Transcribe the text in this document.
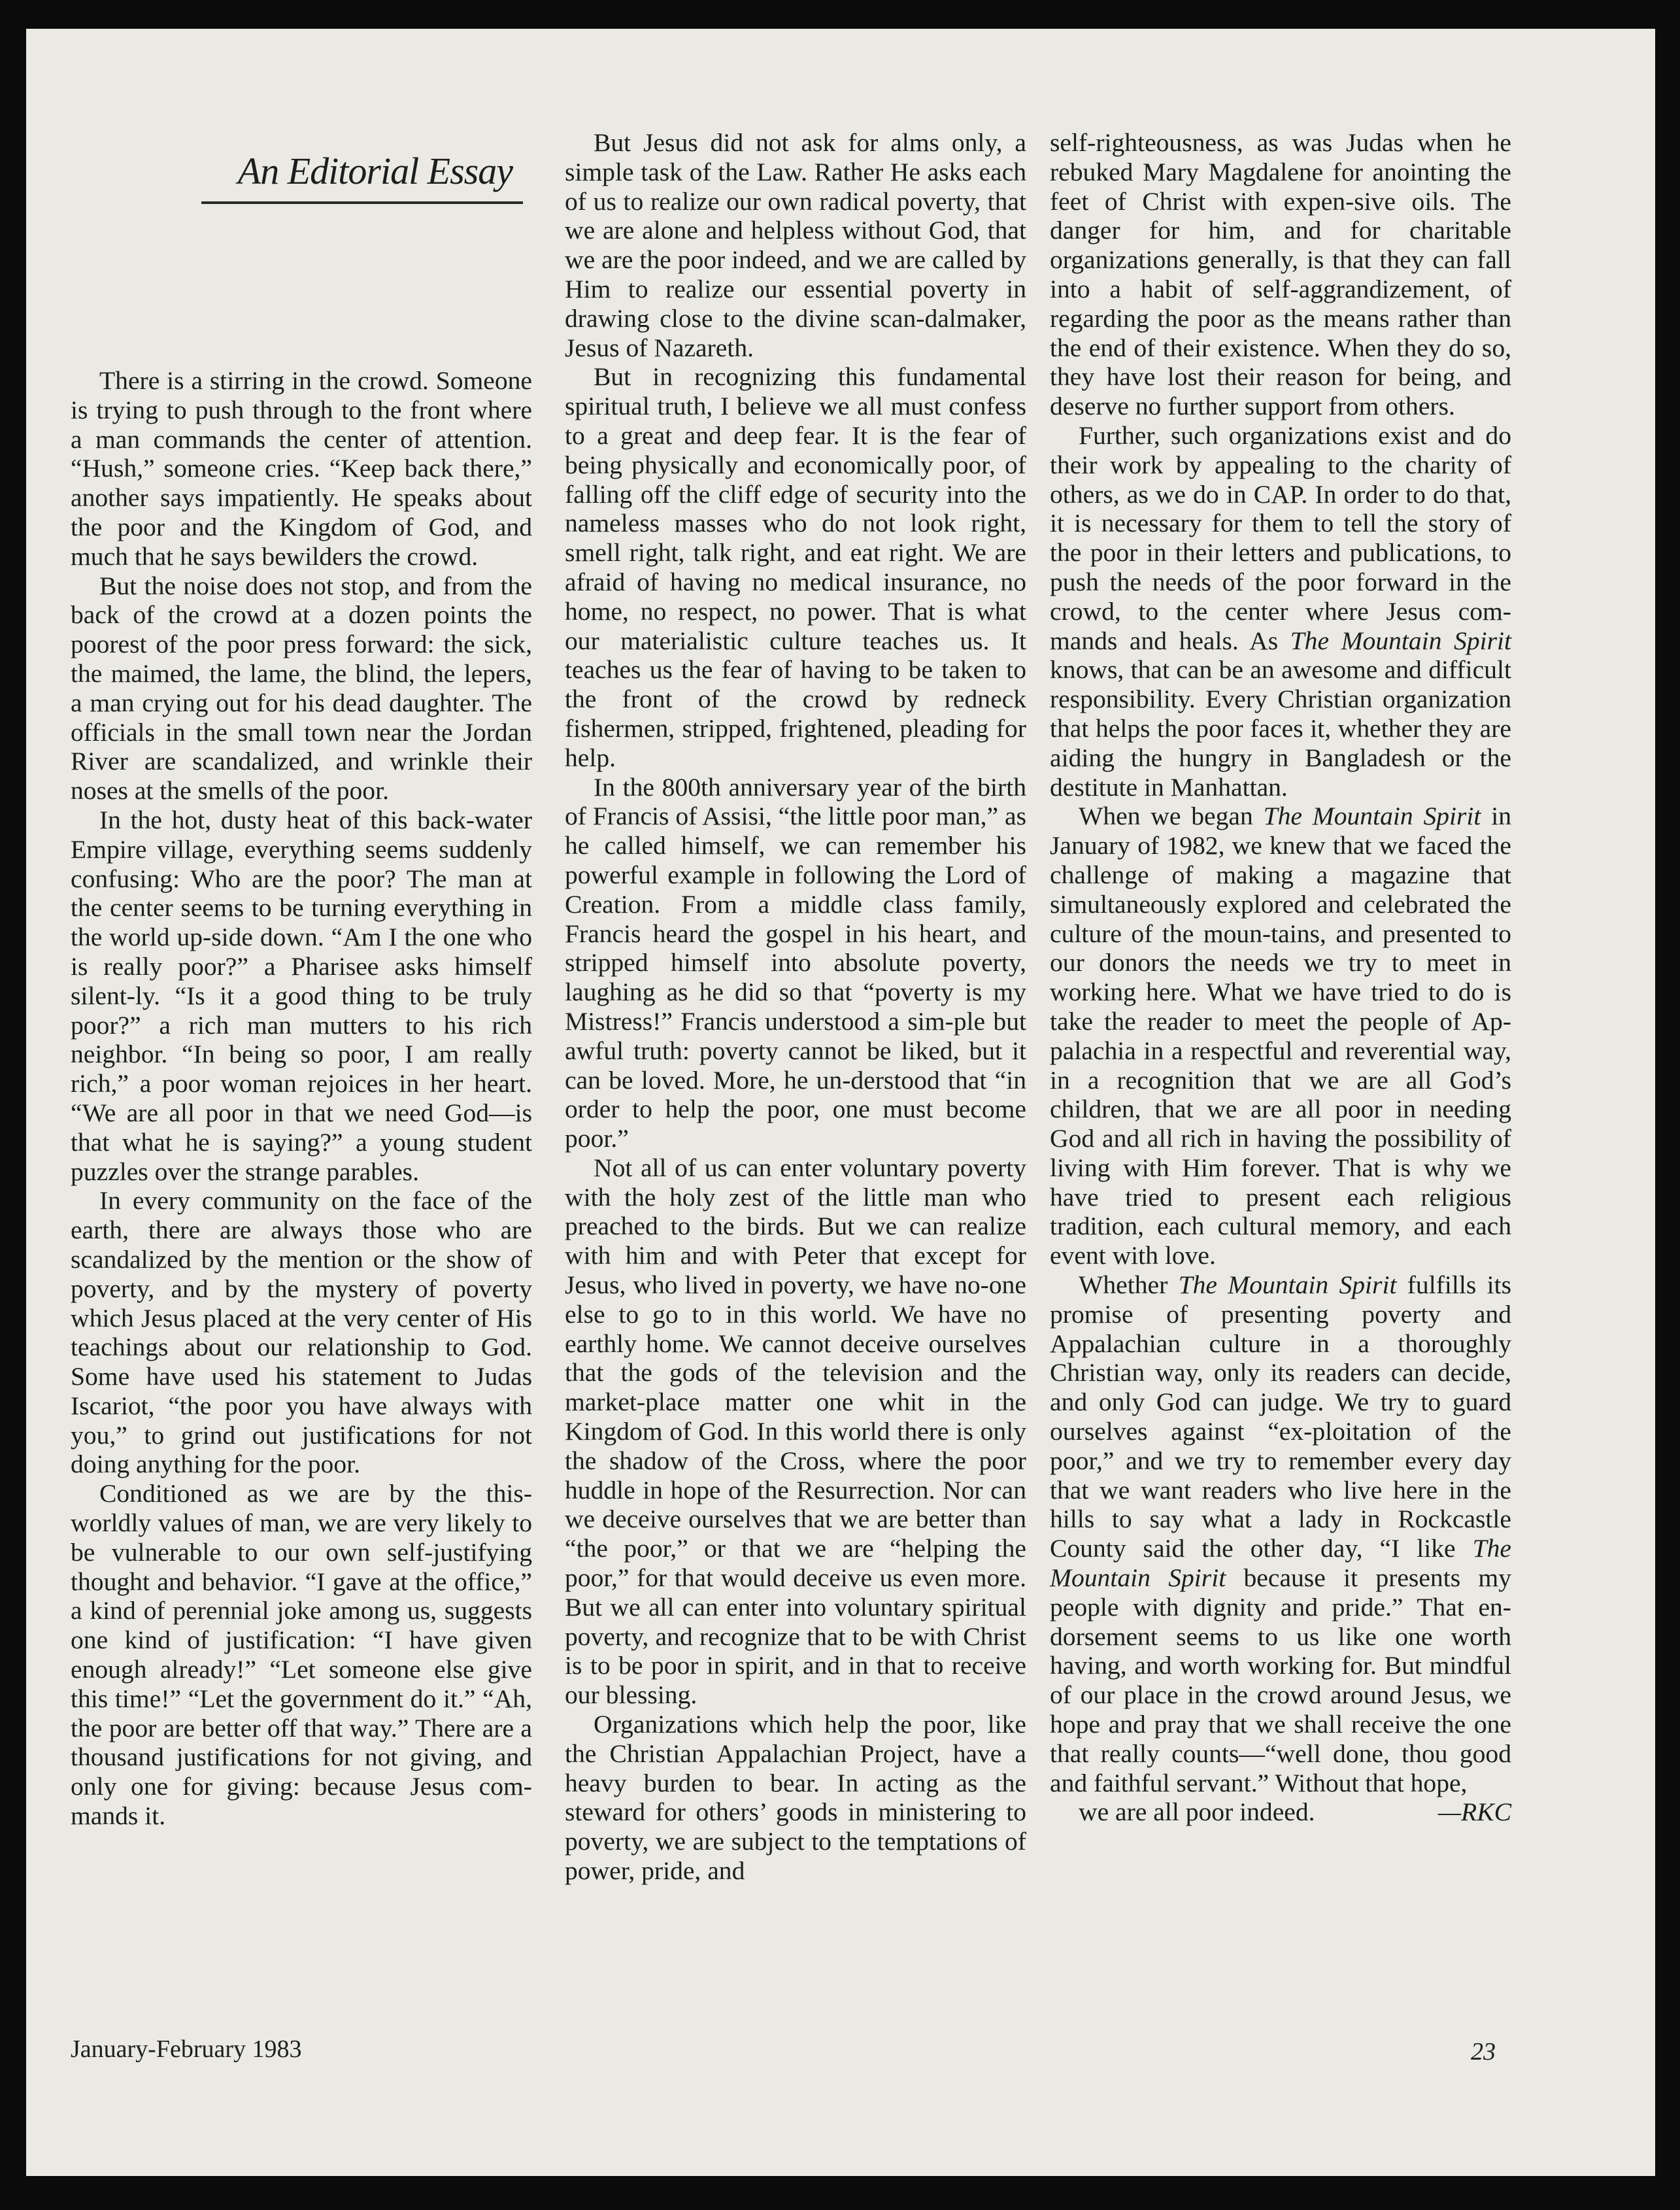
An Editorial Essay

There is a stirring in the crowd. Someone is trying to push through to the front where a man commands the center of attention. “Hush,” someone cries. “Keep back there,” another says impatiently. He speaks about the poor and the Kingdom of God, and much that he says bewilders the crowd.

But the noise does not stop, and from the back of the crowd at a dozen points the poorest of the poor press forward: the sick, the maimed, the lame, the blind, the lepers, a man crying out for his dead daughter. The officials in the small town near the Jordan River are scandalized, and wrinkle their noses at the smells of the poor.

In the hot, dusty heat of this back-water Empire village, everything seems suddenly confusing: Who are the poor? The man at the center seems to be turning everything in the world up-side down. “Am I the one who is really poor?” a Pharisee asks himself silent-ly. “Is it a good thing to be truly poor?” a rich man mutters to his rich neighbor. “In being so poor, I am really rich,” a poor woman rejoices in her heart. “We are all poor in that we need God—is that what he is saying?” a young student puzzles over the strange parables.

In every community on the face of the earth, there are always those who are scandalized by the mention or the show of poverty, and by the mystery of poverty which Jesus placed at the very center of His teachings about our relationship to God. Some have used his statement to Judas Iscariot, “the poor you have always with you,” to grind out justifications for not doing anything for the poor.

Conditioned as we are by the this-worldly values of man, we are very likely to be vulnerable to our own self-justifying thought and behavior. “I gave at the office,” a kind of perennial joke among us, suggests one kind of justification: “I have given enough already!” “Let someone else give this time!” “Let the government do it.” “Ah, the poor are better off that way.” There are a thousand justifications for not giving, and only one for giving: because Jesus com-mands it.

But Jesus did not ask for alms only, a simple task of the Law. Rather He asks each of us to realize our own radical poverty, that we are alone and helpless without God, that we are the poor indeed, and we are called by Him to realize our essential poverty in drawing close to the divine scan-dalmaker, Jesus of Nazareth.

But in recognizing this fundamental spiritual truth, I believe we all must confess to a great and deep fear. It is the fear of being physically and economically poor, of falling off the cliff edge of security into the nameless masses who do not look right, smell right, talk right, and eat right. We are afraid of having no medical insurance, no home, no respect, no power. That is what our materialistic culture teaches us. It teaches us the fear of having to be taken to the front of the crowd by redneck fishermen, stripped, frightened, pleading for help.

In the 800th anniversary year of the birth of Francis of Assisi, “the little poor man,” as he called himself, we can remember his powerful example in following the Lord of Creation. From a middle class family, Francis heard the gospel in his heart, and stripped himself into absolute poverty, laughing as he did so that “poverty is my Mistress!” Francis understood a sim-ple but awful truth: poverty cannot be liked, but it can be loved. More, he un-derstood that “in order to help the poor, one must become poor.”

Not all of us can enter voluntary poverty with the holy zest of the little man who preached to the birds. But we can realize with him and with Peter that except for Jesus, who lived in poverty, we have no-one else to go to in this world. We have no earthly home. We cannot deceive ourselves that the gods of the television and the market-place matter one whit in the Kingdom of God. In this world there is only the shadow of the Cross, where the poor huddle in hope of the Resurrection. Nor can we deceive ourselves that we are better than “the poor,” or that we are “helping the poor,” for that would deceive us even more. But we all can enter into voluntary spiritual poverty, and recognize that to be with Christ is to be poor in spirit, and in that to receive our blessing.

Organizations which help the poor, like the Christian Appalachian Project, have a heavy burden to bear. In acting as the steward for others’ goods in ministering to poverty, we are subject to the temptations of power, pride, and

self-righteousness, as was Judas when he rebuked Mary Magdalene for anointing the feet of Christ with expen-sive oils. The danger for him, and for charitable organizations generally, is that they can fall into a habit of self-aggrandizement, of regarding the poor as the means rather than the end of their existence. When they do so, they have lost their reason for being, and deserve no further support from others.

Further, such organizations exist and do their work by appealing to the charity of others, as we do in CAP. In order to do that, it is necessary for them to tell the story of the poor in their letters and publications, to push the needs of the poor forward in the crowd, to the center where Jesus com-mands and heals. As The Mountain Spirit knows, that can be an awesome and difficult responsibility. Every Christian organization that helps the poor faces it, whether they are aiding the hungry in Bangladesh or the destitute in Manhattan.

When we began The Mountain Spirit in January of 1982, we knew that we faced the challenge of making a magazine that simultaneously explored and celebrated the culture of the moun-tains, and presented to our donors the needs we try to meet in working here. What we have tried to do is take the reader to meet the people of Ap-palachia in a respectful and reverential way, in a recognition that we are all God’s children, that we are all poor in needing God and all rich in having the possibility of living with Him forever. That is why we have tried to present each religious tradition, each cultural memory, and each event with love.

Whether The Mountain Spirit fulfills its promise of presenting poverty and Appalachian culture in a thoroughly Christian way, only its readers can decide, and only God can judge. We try to guard ourselves against “ex-ploitation of the poor,” and we try to remember every day that we want readers who live here in the hills to say what a lady in Rockcastle County said the other day, “I like The Mountain Spirit because it presents my people with dignity and pride.” That en-dorsement seems to us like one worth having, and worth working for. But mindful of our place in the crowd around Jesus, we hope and pray that we shall receive the one that really counts—“well done, thou good and faithful servant.” Without that hope,

we are all poor indeed.	—RKC

January-February 1983	23
